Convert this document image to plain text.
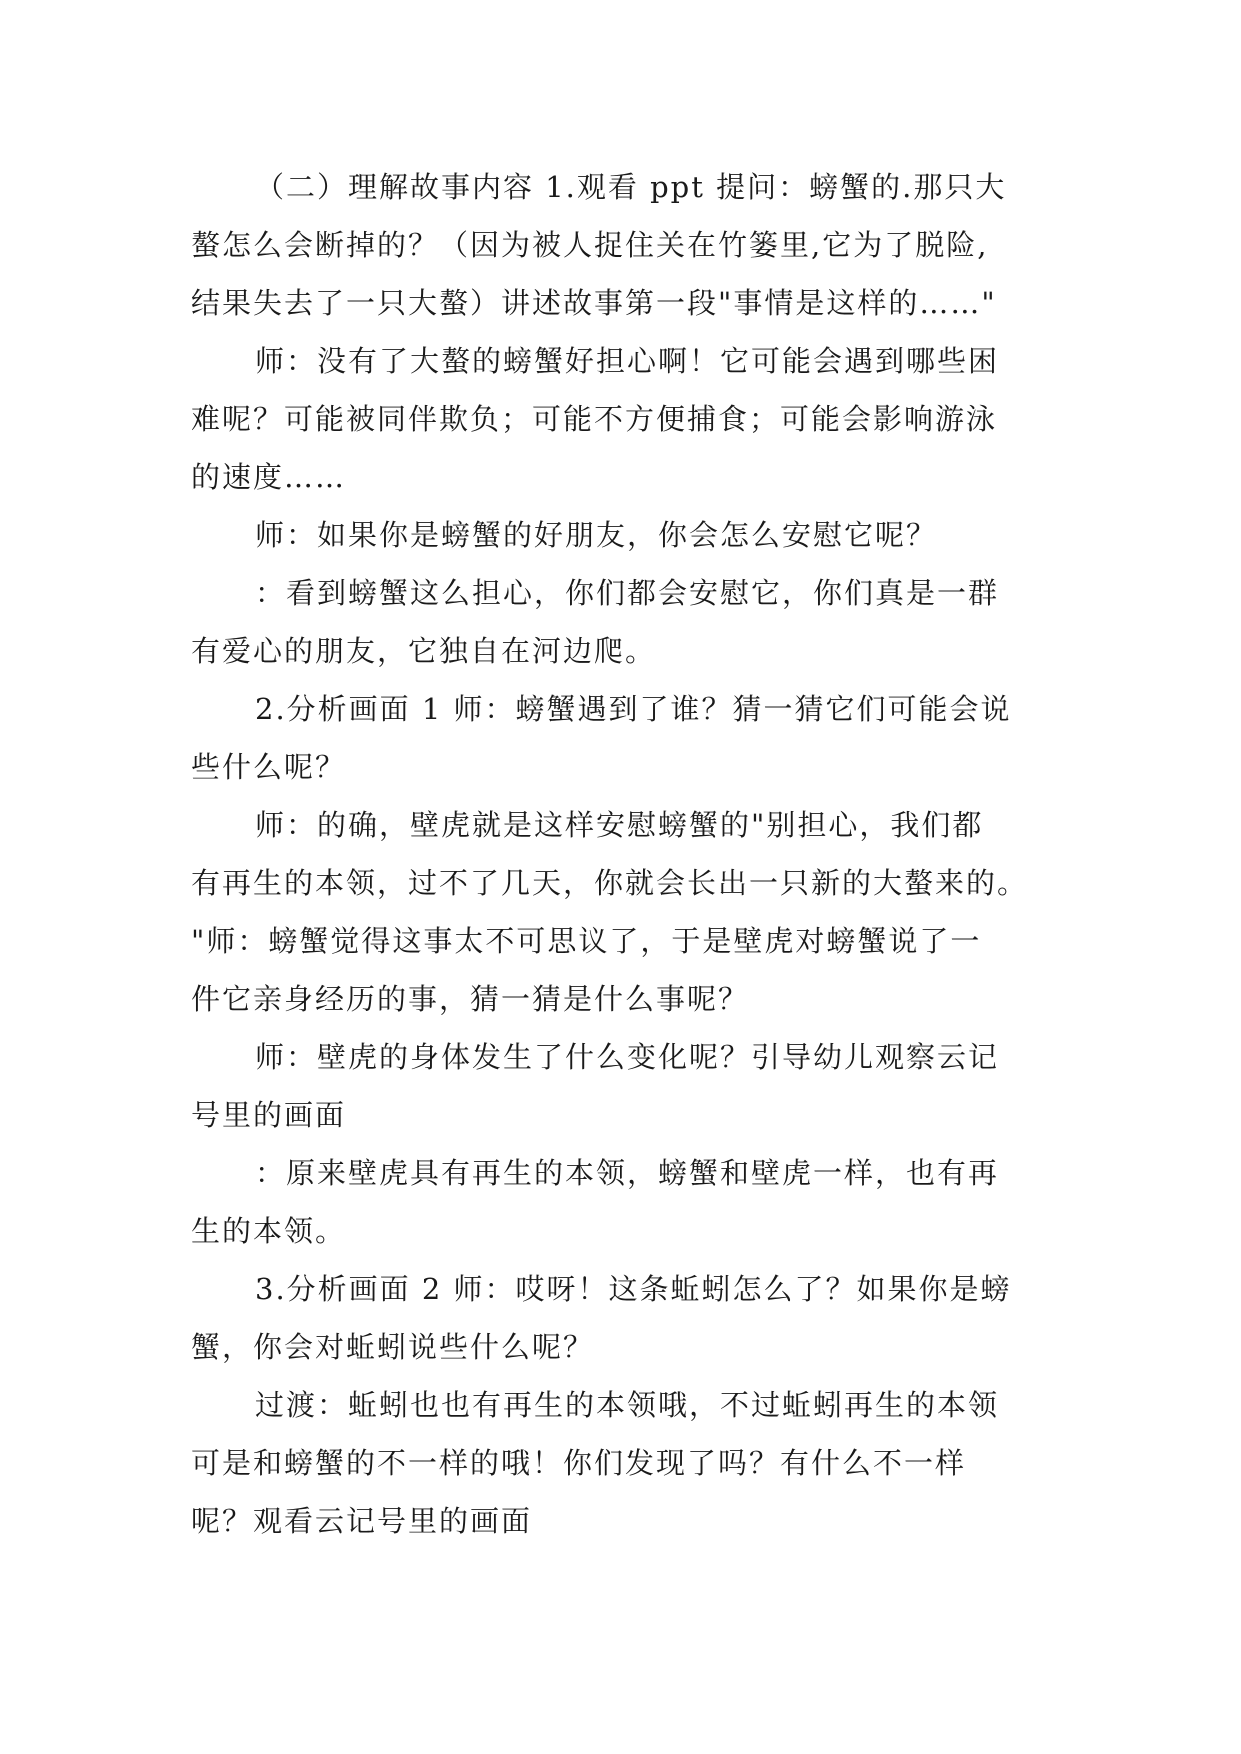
（二）理解故事内容 1.观看 ppt 提问：螃蟹的.那只大
螯怎么会断掉的？（因为被人捉住关在竹篓里,它为了脱险,
结果失去了一只大螯）讲述故事第一段"事情是这样的……"
师：没有了大螯的螃蟹好担心啊！它可能会遇到哪些困
难呢？可能被同伴欺负；可能不方便捕食；可能会影响游泳
的速度……
师：如果你是螃蟹的好朋友，你会怎么安慰它呢？
：看到螃蟹这么担心，你们都会安慰它，你们真是一群
有爱心的朋友，它独自在河边爬。
2.分析画面 1 师：螃蟹遇到了谁？猜一猜它们可能会说
些什么呢？
师：的确，壁虎就是这样安慰螃蟹的"别担心，我们都
有再生的本领，过不了几天，你就会长出一只新的大螯来的。
"师：螃蟹觉得这事太不可思议了，于是壁虎对螃蟹说了一
件它亲身经历的事，猜一猜是什么事呢？
师：壁虎的身体发生了什么变化呢？引导幼儿观察云记
号里的画面
：原来壁虎具有再生的本领，螃蟹和壁虎一样，也有再
生的本领。
3.分析画面 2 师：哎呀！这条蚯蚓怎么了？如果你是螃
蟹，你会对蚯蚓说些什么呢？
过渡：蚯蚓也也有再生的本领哦，不过蚯蚓再生的本领
可是和螃蟹的不一样的哦！你们发现了吗？有什么不一样
呢？观看云记号里的画面
